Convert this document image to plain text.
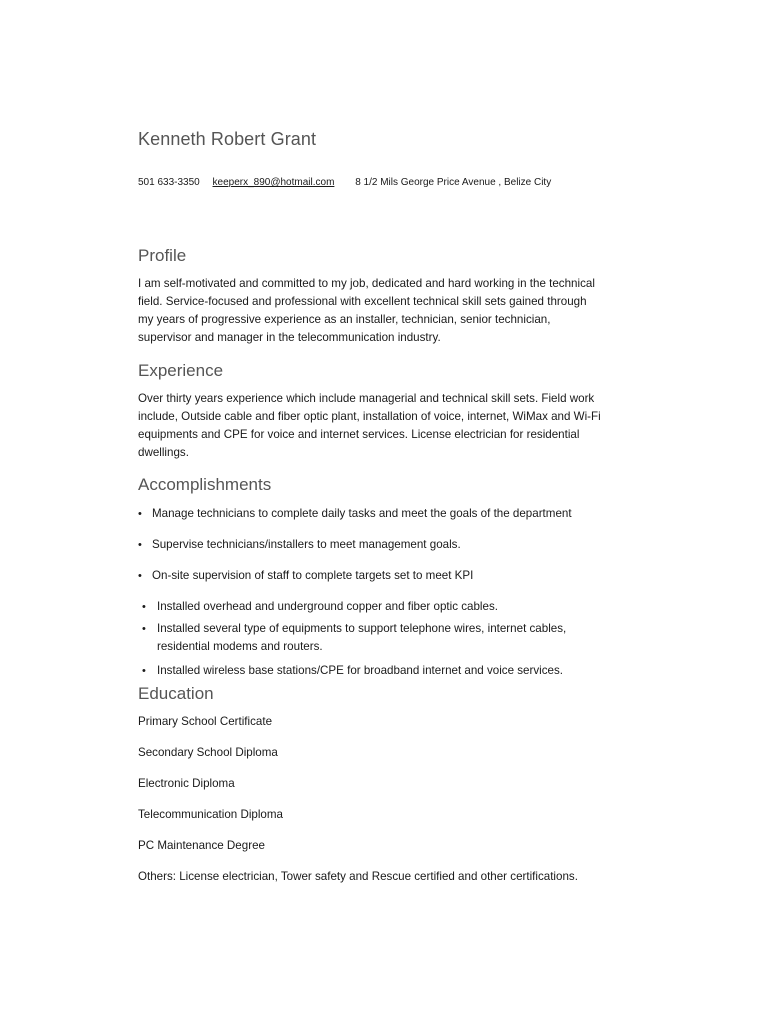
Kenneth Robert Grant
501 633-3350 keeperx_890@hotmail.com 8 1/2 Mils George Price Avenue , Belize City
Profile
I am self-motivated and committed to my job, dedicated and hard working in the technical
field. Service-focused and professional with excellent technical skill sets gained through
my years of progressive experience as an installer, technician, senior technician,
supervisor and manager in the telecommunication industry.
Experience
Over thirty years experience which include managerial and technical skill sets. Field work
include, Outside cable and fiber optic plant, installation of voice, internet, WiMax and Wi-Fi
equipments and CPE for voice and internet services. License electrician for residential
dwellings.
Accomplishments
• Manage technicians to complete daily tasks and meet the goals of the department
• Supervise technicians/installers to meet management goals.
• On-site supervision of staff to complete targets set to meet KPI
• Installed overhead and underground copper and fiber optic cables.
• Installed several type of equipments to support telephone wires, internet cables,
residential modems and routers.
• Installed wireless base stations/CPE for broadband internet and voice services.
Education
Primary School Certificate
Secondary School Diploma
Electronic Diploma
Telecommunication Diploma
PC Maintenance Degree
Others: License electrician, Tower safety and Rescue certified and other certifications.
